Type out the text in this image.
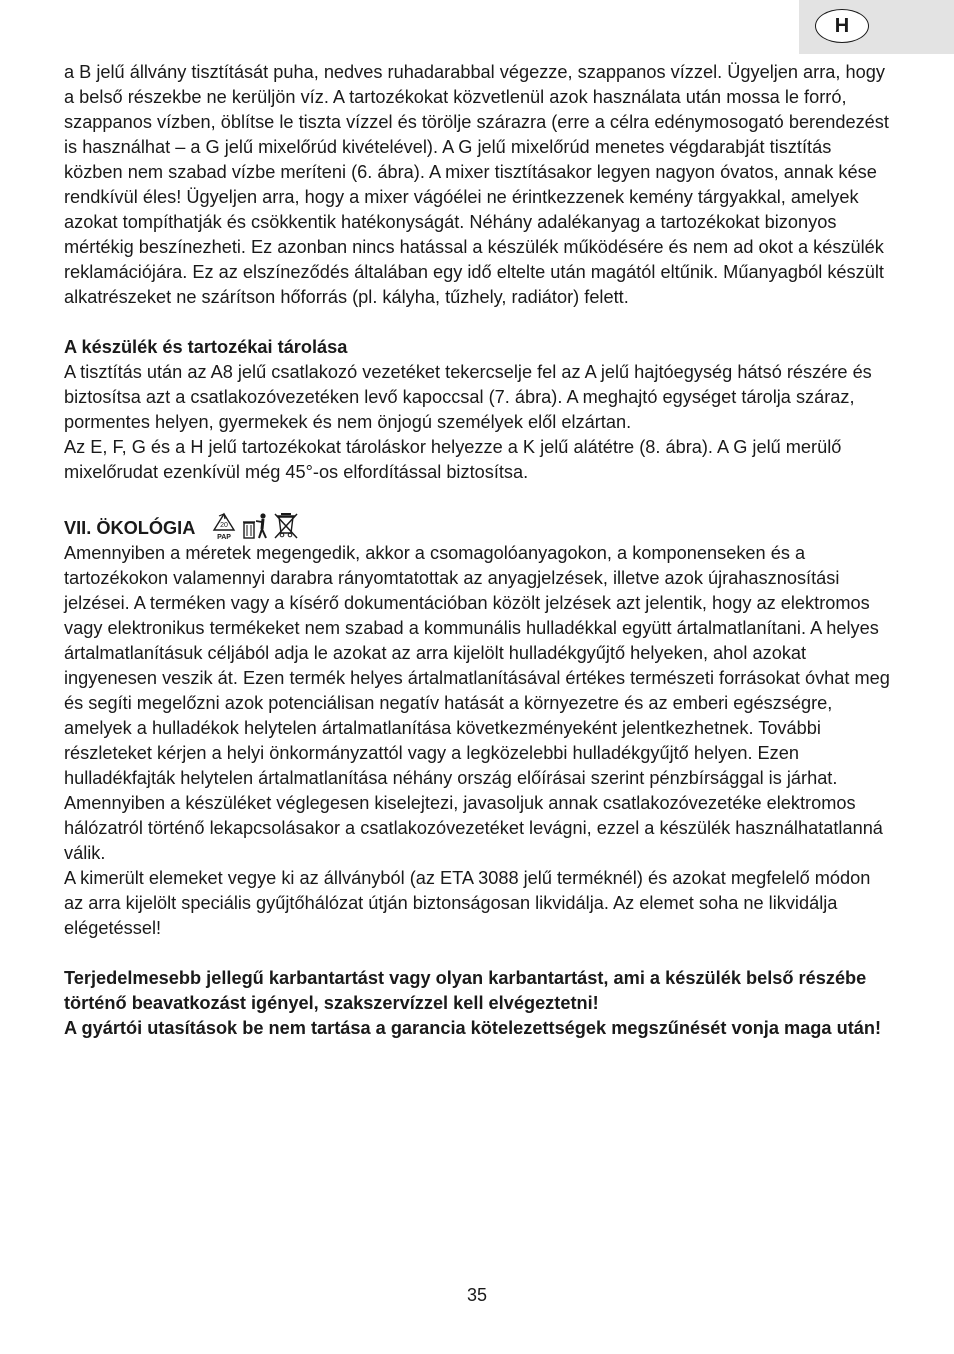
H

a B jelű állvány tisztítását puha, nedves ruhadarabbal végezze, szappanos vízzel. Ügyeljen arra, hogy a belső részekbe ne kerüljön víz. A tartozékokat közvetlenül azok használata után mossa le forró, szappanos vízben, öblítse le tiszta vízzel és törölje szárazra (erre a célra edénymosogató berendezést is használhat – a G jelű mixelőrúd kivételével). A G jelű mixelőrúd menetes végdarabját tisztítás közben nem szabad vízbe meríteni (6. ábra). A mixer tisztításakor legyen nagyon óvatos, annak kése rendkívül éles! Ügyeljen arra, hogy a mixer vágóélei ne érintkezzenek kemény tárgyakkal, amelyek azokat tompíthatják és csökkentik hatékonyságát. Néhány adalékanyag a tartozékokat bizonyos mértékig beszínezheti. Ez azonban nincs hatással a készülék működésére és nem ad okot a készülék reklamációjára. Ez az elszíneződés általában egy idő eltelte után magától eltűnik. Műanyagból készült alkatrészeket ne szárítson hőforrás (pl. kályha, tűzhely, radiátor) felett.

A készülék és tartozékai tárolása

A tisztítás után az A8 jelű csatlakozó vezetéket tekercselje fel az A jelű hajtóegység hátsó részére és biztosítsa azt a csatlakozóvezetéken levő kapoccsal (7. ábra). A meghajtó egységet tárolja száraz, pormentes helyen, gyermekek és nem önjogú személyek elől elzártan.

Az E, F, G és a H jelű tartozékokat tároláskor helyezze a K jelű alátétre (8. ábra). A G jelű merülő mixelőrudat ezenkívül még 45°-os elfordítással biztosítsa.

VII. ÖKOLÓGIA	20
PAP

Amennyiben a méretek megengedik, akkor a csomagolóanyagokon, a komponenseken és a tartozékokon valamennyi darabra rányomtatottak az anyagjelzések, illetve azok újrahasznosítási jelzései. A terméken vagy a kísérő dokumentációban közölt jelzések azt jelentik, hogy az elektromos vagy elektronikus termékeket nem szabad a kommunális hulladékkal együtt ártalmatlanítani. A helyes ártalmatlanításuk céljából adja le azokat az arra kijelölt hulladékgyűjtő helyeken, ahol azokat ingyenesen veszik át. Ezen termék helyes ártalmatlanításával értékes természeti forrásokat óvhat meg és segíti megelőzni azok potenciálisan negatív hatását a környezetre és az emberi egészségre, amelyek a hulladékok helytelen ártalmatlanítása következményeként jelentkezhetnek. További részleteket kérjen a helyi önkormányzattól vagy a legközelebbi hulladékgyűjtő helyen. Ezen hulladékfajták helytelen ártalmatlanítása néhány ország előírásai szerint pénzbírsággal is járhat.

Amennyiben a készüléket véglegesen kiselejtezi, javasoljuk annak csatlakozóvezetéke elektromos hálózatról történő lekapcsolásakor a csatlakozóvezetéket levágni, ezzel a készülék használhatatlanná válik.

A kimerült elemeket vegye ki az állványból (az ETA 3088 jelű terméknél) és azokat megfelelő módon az arra kijelölt speciális gyűjtőhálózat útján biztonságosan likvidálja. Az elemet soha ne likvidálja elégetéssel!

Terjedelmesebb jellegű karbantartást vagy olyan karbantartást, ami a készülék belső részébe történő beavatkozást igényel, szakszervízzel kell elvégeztetni!

A gyártói utasítások be nem tartása a garancia kötelezettségek megszűnését vonja maga után!

35
